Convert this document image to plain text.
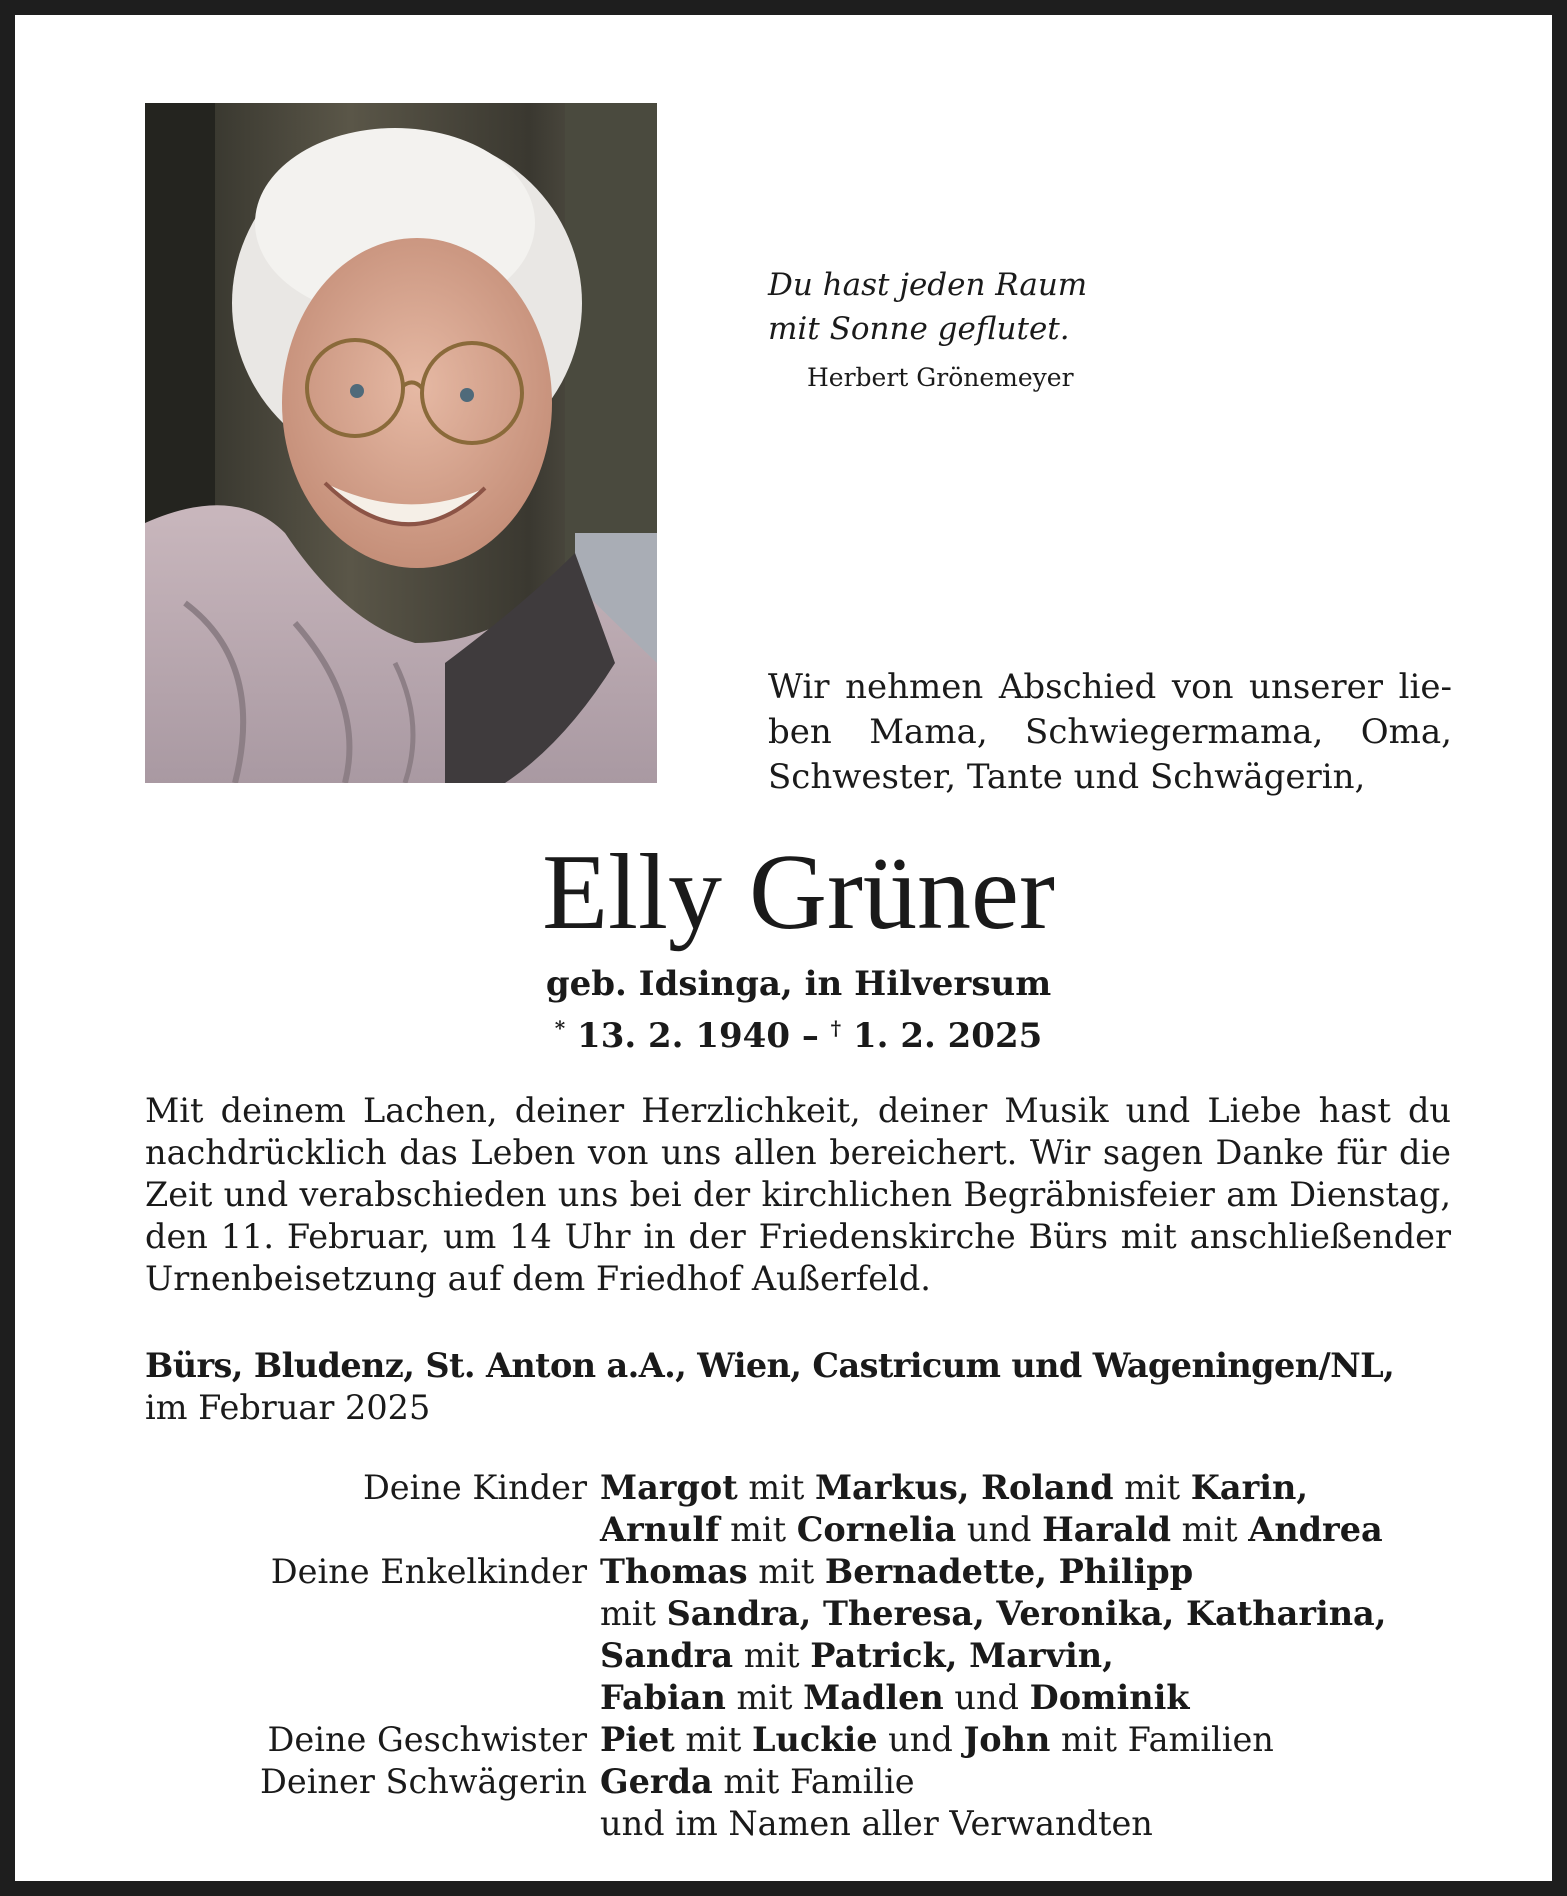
Du hast jeden Raum
mit Sonne geflutet.
Herbert Grönemeyer
Wir nehmen Abschied von unserer lie-
ben Mama, Schwiegermama, Oma,
Schwester, Tante und Schwägerin,
Elly Grüner
geb. Idsinga, in Hilversum
* 13. 2. 1940 – † 1. 2. 2025
Mit deinem Lachen, deiner Herzlichkeit, deiner Musik und Liebe hast du
nachdrücklich das Leben von uns allen bereichert. Wir sagen Danke für die
Zeit und verabschieden uns bei der kirchlichen Begräbnisfeier am Dienstag,
den 11. Februar, um 14 Uhr in der Friedenskirche Bürs mit anschließender
Urnenbeisetzung auf dem Friedhof Außerfeld.
Bürs, Bludenz, St. Anton a.A., Wien, Castricum und Wageningen/NL,
im Februar 2025
Deine Kinder Margot mit Markus, Roland mit Karin,
Arnulf mit Cornelia und Harald mit Andrea
Deine Enkelkinder Thomas mit Bernadette, Philipp
mit Sandra, Theresa, Veronika, Katharina,
Sandra mit Patrick, Marvin,
Fabian mit Madlen und Dominik
Deine Geschwister Piet mit Luckie und John mit Familien
Deiner Schwägerin Gerda mit Familie
und im Namen aller Verwandten
